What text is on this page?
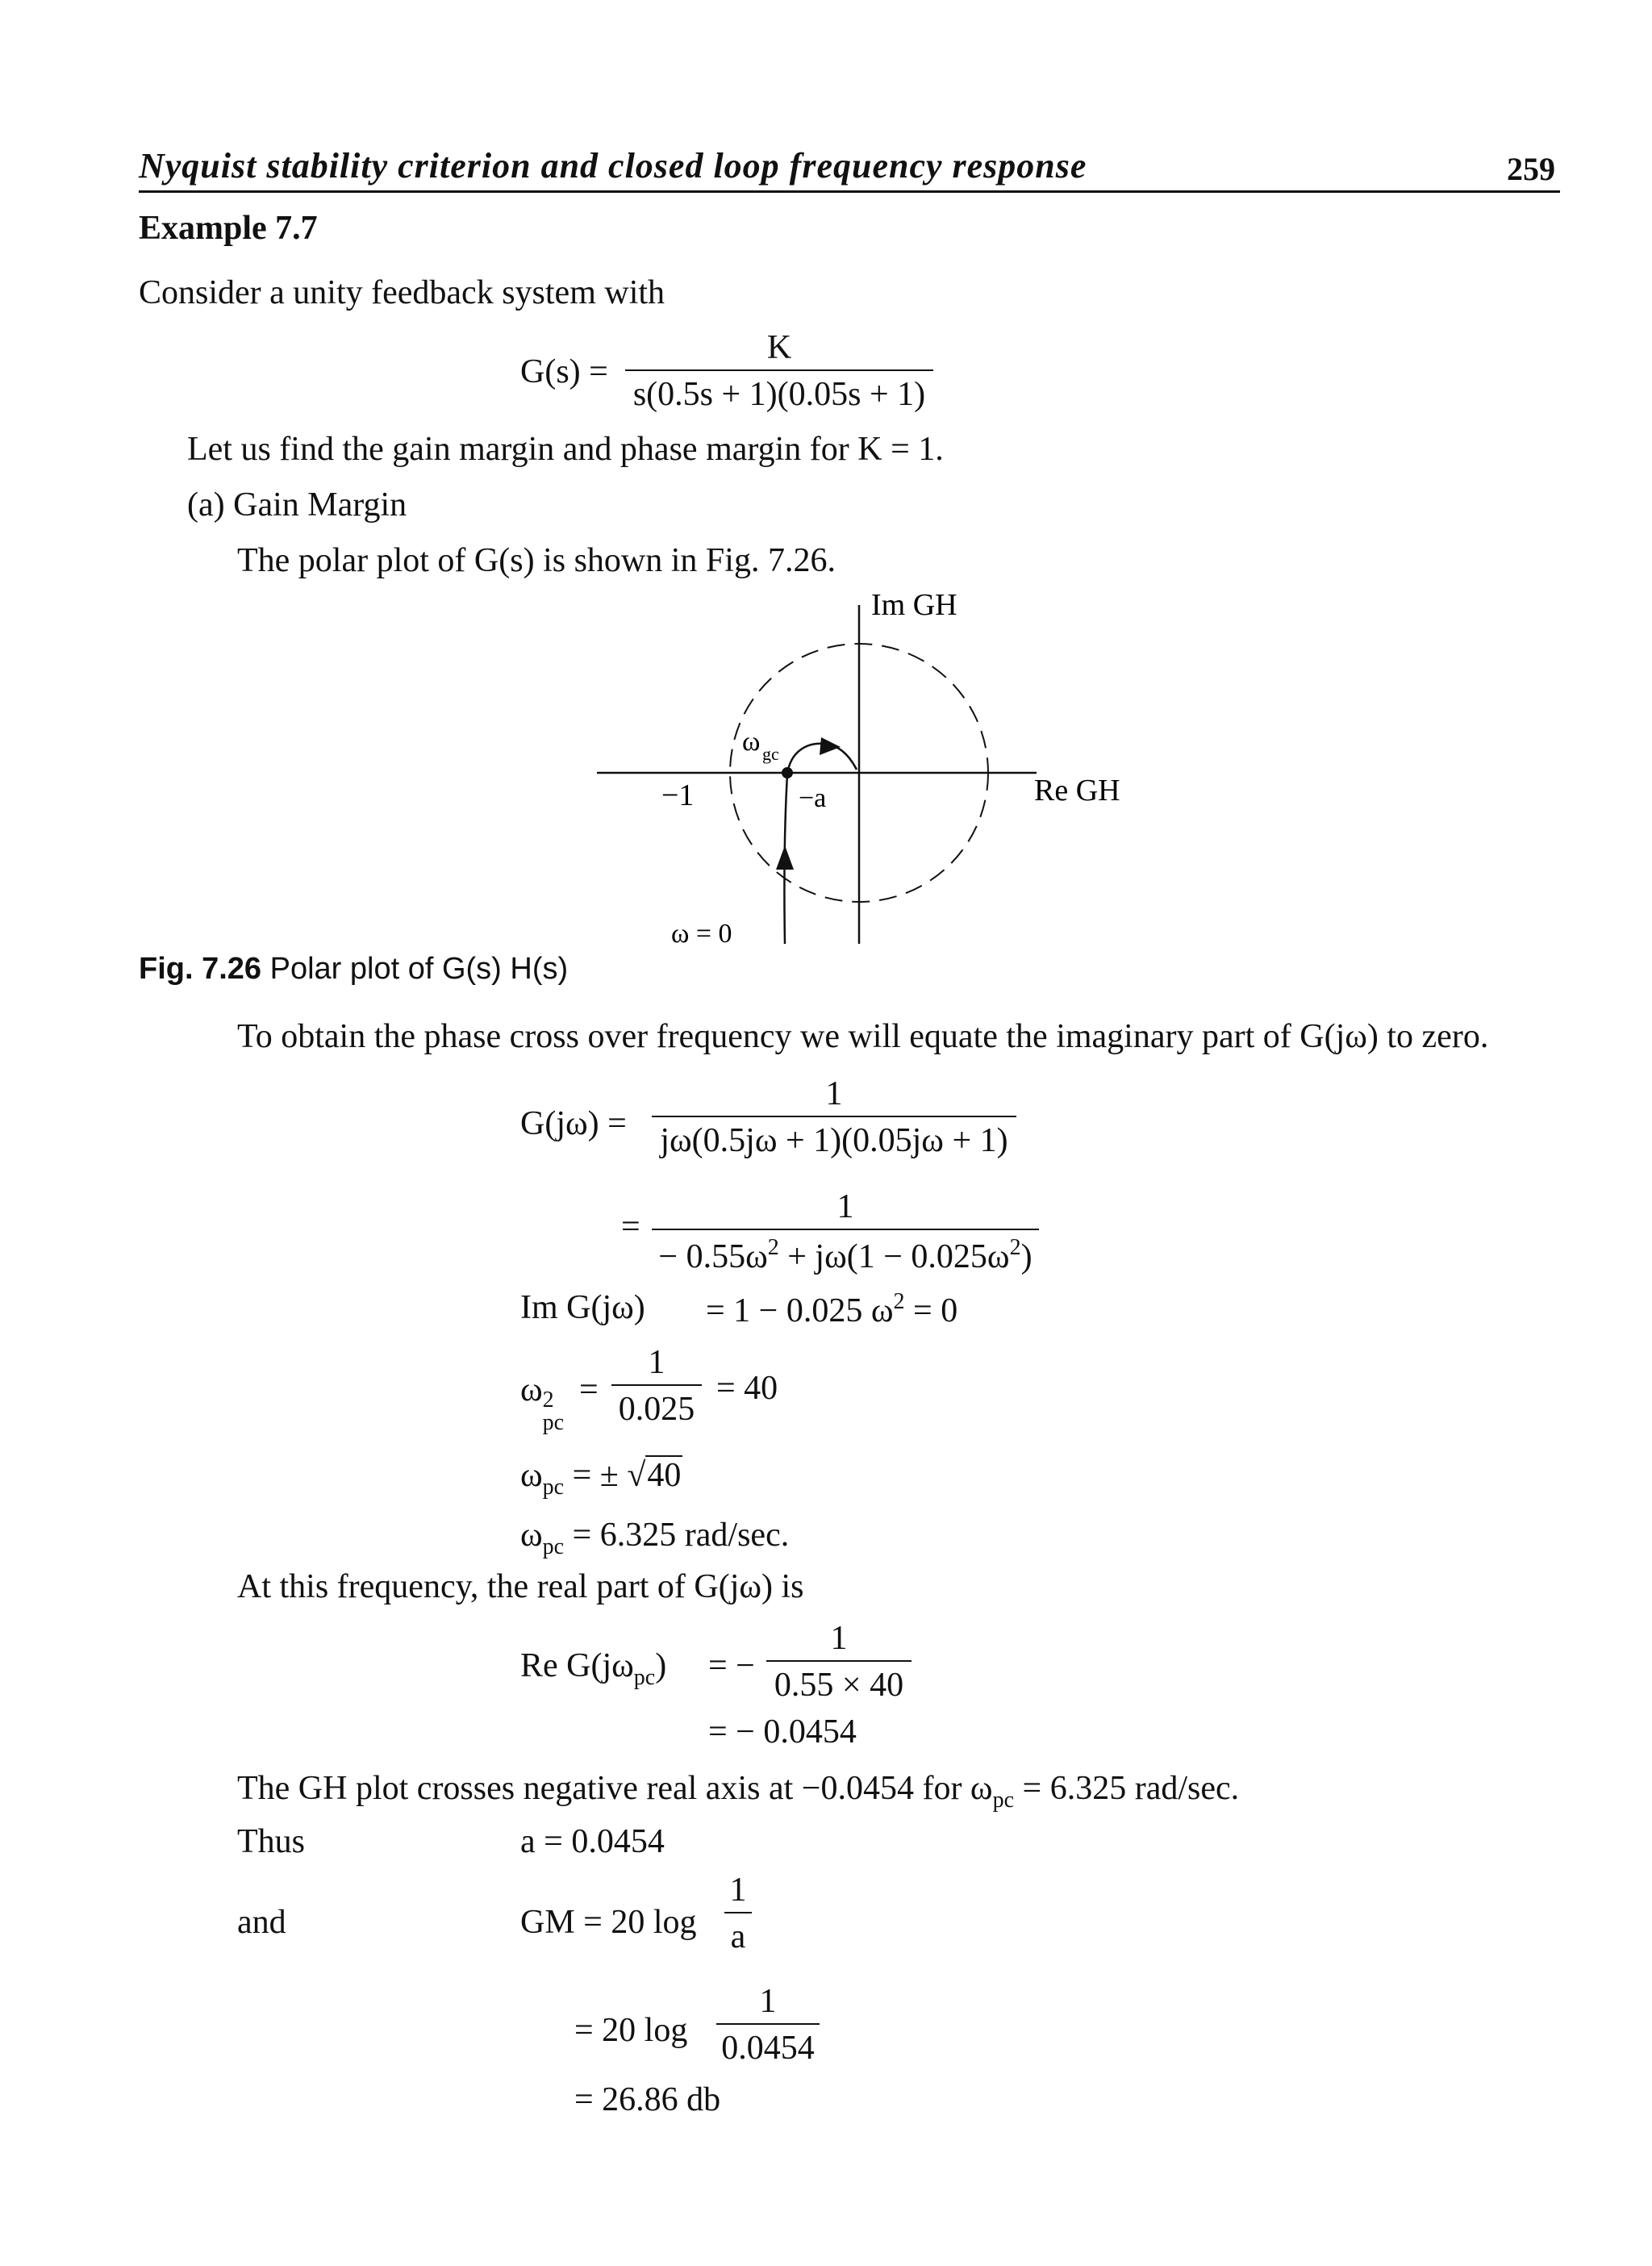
Nyquist stability criterion and closed loop frequency response	259
Example 7.7
Consider a unity feedback system with
G(s) =
K
s(0.5s + 1)(0.05s + 1)
Let us find the gain margin and phase margin for K = 1.
(a) Gain Margin
The polar plot of G(s) is shown in Fig. 7.26.
Im GH
Re GH
−1	−a
ω gc
ω = 0
Fig. 7.26 Polar plot of G(s) H(s)
To obtain the phase cross over frequency we will equate the imaginary part of G(jω) to zero.
G(jω) =
1
jω(0.5jω + 1)(0.05jω + 1)
=
1
− $0.55\omega^2 + j\omega(1 - 0.025\omega^2)$
Im G(jω) = 1 − 0.025 $\omega^2 = 0$
ω 2
pc
=
1
0.025
= 40
$\omega_{pc}$ = ± √40
$\omega_{pc} = 6.325$ rad/sec.
At this frequency, the real part of G(jω) is
Re $G(j\omega_{pc})$ = −
1
0.55 × 40
= − 0.0454
The GH plot crosses negative real axis at −0.0454 for $\omega_{pc} = 6.325$ rad/sec.
Thus	a = 0.0454
and	GM = 20 log
1
a
= 20 log
1
0.0454
= 26.86 db
